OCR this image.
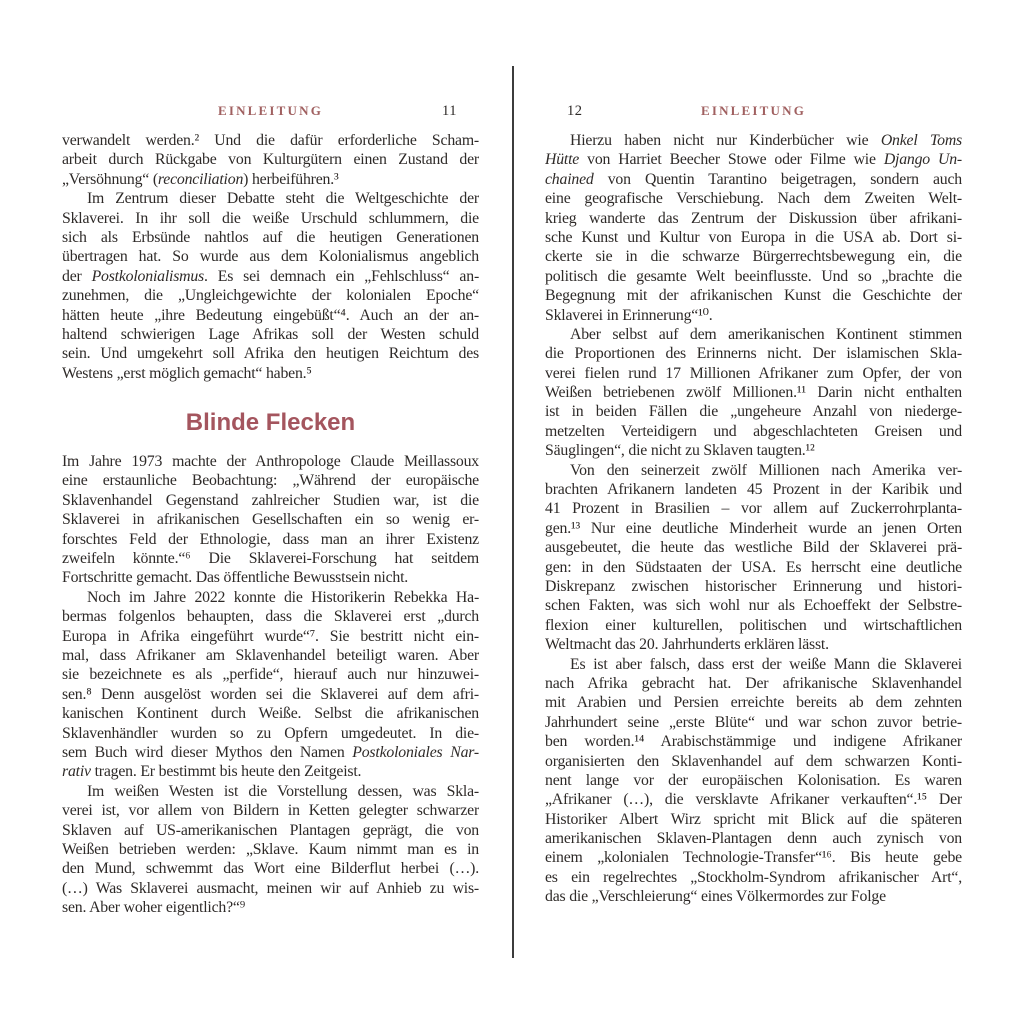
EINLEITUNG	11
verwandelt werden.² Und die dafür erforderliche Scham-
arbeit durch Rückgabe von Kulturgütern einen Zustand der
„Versöhnung“ (reconciliation) herbeiführen.³
Im Zentrum dieser Debatte steht die Weltgeschichte der
Sklaverei. In ihr soll die weiße Urschuld schlummern, die
sich als Erbsünde nahtlos auf die heutigen Generationen
übertragen hat. So wurde aus dem Kolonialismus angeblich
der Postkolonialismus. Es sei demnach ein „Fehlschluss“ an-
zunehmen, die „Ungleichgewichte der kolonialen Epoche“
hätten heute „ihre Bedeutung eingebüßt“⁴. Auch an der an-
haltend schwierigen Lage Afrikas soll der Westen schuld
sein. Und umgekehrt soll Afrika den heutigen Reichtum des
Westens „erst möglich gemacht“ haben.⁵
Blinde Flecken
Im Jahre 1973 machte der Anthropologe Claude Meillassoux
eine erstaunliche Beobachtung: „Während der europäische
Sklavenhandel Gegenstand zahlreicher Studien war, ist die
Sklaverei in afrikanischen Gesellschaften ein so wenig er-
forschtes Feld der Ethnologie, dass man an ihrer Existenz
zweifeln könnte.“⁶ Die Sklaverei-Forschung hat seitdem
Fortschritte gemacht. Das öffentliche Bewusstsein nicht.
Noch im Jahre 2022 konnte die Historikerin Rebekka Ha-
bermas folgenlos behaupten, dass die Sklaverei erst „durch
Europa in Afrika eingeführt wurde“⁷. Sie bestritt nicht ein-
mal, dass Afrikaner am Sklavenhandel beteiligt waren. Aber
sie bezeichnete es als „perfide“, hierauf auch nur hinzuwei-
sen.⁸ Denn ausgelöst worden sei die Sklaverei auf dem afri-
kanischen Kontinent durch Weiße. Selbst die afrikanischen
Sklavenhändler wurden so zu Opfern umgedeutet. In die-
sem Buch wird dieser Mythos den Namen Postkoloniales Nar-
rativ tragen. Er bestimmt bis heute den Zeitgeist.
Im weißen Westen ist die Vorstellung dessen, was Skla-
verei ist, vor allem von Bildern in Ketten gelegter schwarzer
Sklaven auf US-amerikanischen Plantagen geprägt, die von
Weißen betrieben werden: „Sklave. Kaum nimmt man es in
den Mund, schwemmt das Wort eine Bilderflut herbei (…).
(…) Was Sklaverei ausmacht, meinen wir auf Anhieb zu wis-
sen. Aber woher eigentlich?“⁹
EINLEITUNG
12
Hierzu haben nicht nur Kinderbücher wie Onkel Toms
Hütte von Harriet Beecher Stowe oder Filme wie Django Un-
chained von Quentin Tarantino beigetragen, sondern auch
eine geografische Verschiebung. Nach dem Zweiten Welt-
krieg wanderte das Zentrum der Diskussion über afrikani-
sche Kunst und Kultur von Europa in die USA ab. Dort si-
ckerte sie in die schwarze Bürgerrechtsbewegung ein, die
politisch die gesamte Welt beeinflusste. Und so „brachte die
Begegnung mit der afrikanischen Kunst die Geschichte der
Sklaverei in Erinnerung“¹⁰.
Aber selbst auf dem amerikanischen Kontinent stimmen
die Proportionen des Erinnerns nicht. Der islamischen Skla-
verei fielen rund 17 Millionen Afrikaner zum Opfer, der von
Weißen betriebenen zwölf Millionen.¹¹ Darin nicht enthalten
ist in beiden Fällen die „ungeheure Anzahl von niederge-
metzelten Verteidigern und abgeschlachteten Greisen und
Säuglingen“, die nicht zu Sklaven taugten.¹²
Von den seinerzeit zwölf Millionen nach Amerika ver-
brachten Afrikanern landeten 45 Prozent in der Karibik und
41 Prozent in Brasilien – vor allem auf Zuckerrohrplanta-
gen.¹³ Nur eine deutliche Minderheit wurde an jenen Orten
ausgebeutet, die heute das westliche Bild der Sklaverei prä-
gen: in den Südstaaten der USA. Es herrscht eine deutliche
Diskrepanz zwischen historischer Erinnerung und histori-
schen Fakten, was sich wohl nur als Echoeffekt der Selbstre-
flexion einer kulturellen, politischen und wirtschaftlichen
Weltmacht das 20. Jahrhunderts erklären lässt.
Es ist aber falsch, dass erst der weiße Mann die Sklaverei
nach Afrika gebracht hat. Der afrikanische Sklavenhandel
mit Arabien und Persien erreichte bereits ab dem zehnten
Jahrhundert seine „erste Blüte“ und war schon zuvor betrie-
ben worden.¹⁴ Arabischstämmige und indigene Afrikaner
organisierten den Sklavenhandel auf dem schwarzen Konti-
nent lange vor der europäischen Kolonisation. Es waren
„Afrikaner (…), die versklavte Afrikaner verkauften“.¹⁵ Der
Historiker Albert Wirz spricht mit Blick auf die späteren
amerikanischen Sklaven-Plantagen denn auch zynisch von
einem „kolonialen Technologie-Transfer“¹⁶. Bis heute gebe
es ein regelrechtes „Stockholm-Syndrom afrikanischer Art“,
das die „Verschleierung“ eines Völkermordes zur Folge
